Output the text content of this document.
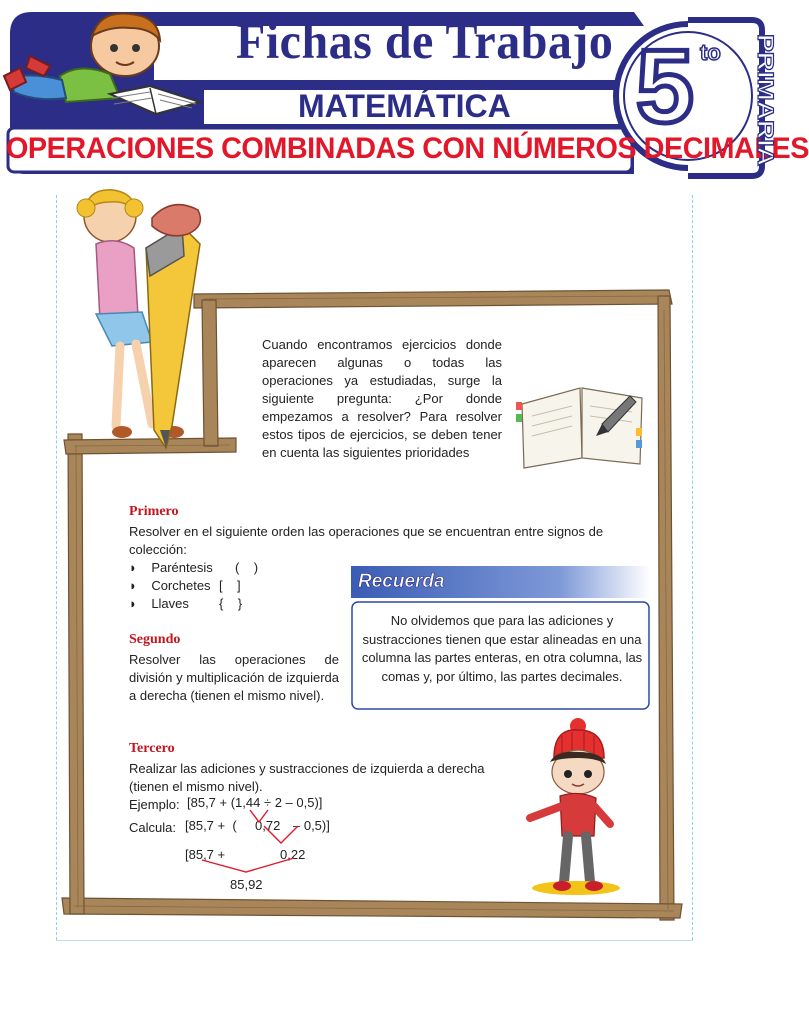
Fichas de Trabajo
MATEMÁTICA
OPERACIONES COMBINADAS CON NÚMEROS DECIMALES
5 to PRIMARIA
Cuando encontramos ejercicios donde aparecen algunas o todas las operaciones ya estudiadas, surge la siguiente pregunta: ¿Por donde empezamos a resolver? Para resolver estos tipos de ejercicios, se deben tener en cuenta las siguientes prioridades
Primero
Resolver en el siguiente orden las operaciones que se encuentran entre signos de colección:
◗ Paréntesis (    )
◗ Corchetes [    ]
◗ Llaves {    }
Recuerda
No olvidemos que para las adiciones y sustracciones tienen que estar alineadas en una columna las partes enteras, en otra columna, las comas y, por último, las partes decimales.
Segundo
Resolver las operaciones de división y multiplicación de izquierda a derecha (tienen el mismo nivel).
Tercero
Realizar las adiciones y sustracciones de izquierda a derecha (tienen el mismo nivel).
Ejemplo: [85,7 + (1,44 ÷ 2 – 0,5)]
Calcula: [85,7 +  ( 0,72 – 0,5)]
[85,7 +	0,22
85,92
